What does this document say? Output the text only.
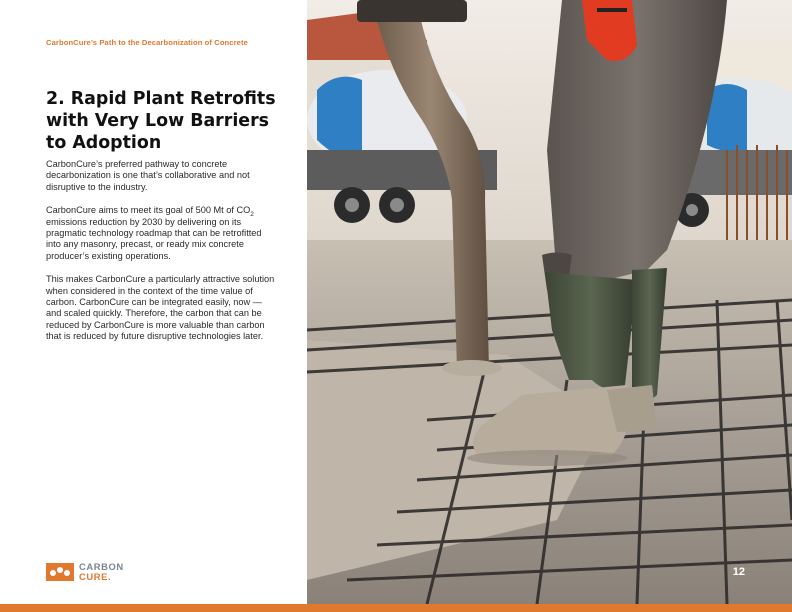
CarbonCure’s Path to the Decarbonization of Concrete
2. Rapid Plant Retrofits with Very Low Barriers to Adoption

CarbonCure’s preferred pathway to concrete decarbonization is one that’s collaborative and not disruptive to the industry.

CarbonCure aims to meet its goal of 500 Mt of $CO_2$ emissions reduction by 2030 by delivering on its pragmatic technology roadmap that can be retrofitted into any masonry, precast, or ready mix concrete producer’s existing operations.

This makes CarbonCure a particularly attractive solution when considered in the context of the time value of carbon. CarbonCure can be integrated easily, now — and scaled quickly. Therefore, the carbon that can be reduced by CarbonCure is more valuable than carbon that is reduced by future disruptive technologies later.

CARBON
CURE.	12
